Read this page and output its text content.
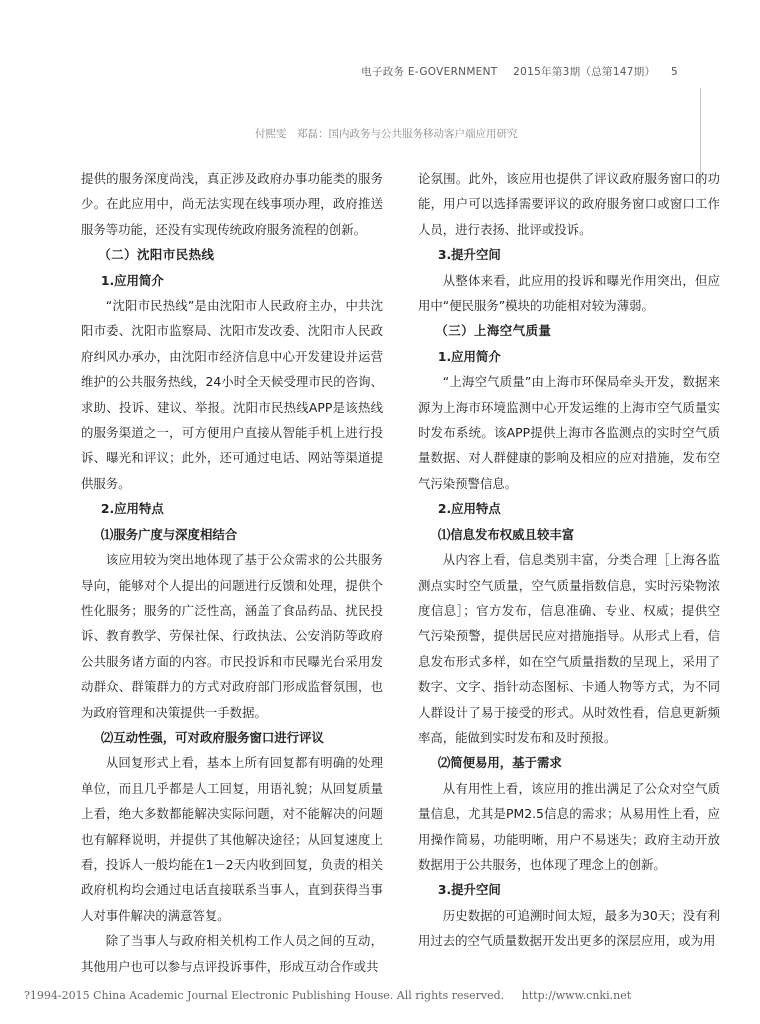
电子政务 E-GOVERNMENT 2015年第3期（总第147期） 5
付熙雯　郑磊：国内政务与公共服务移动客户端应用研究

提供的服务深度尚浅，真正涉及政府办事功能类的服务少。在此应用中，尚无法实现在线事项办理，政府推送服务等功能，还没有实现传统政府服务流程的创新。

（二）沈阳市民热线
1.应用简介

“沈阳市民热线”是由沈阳市人民政府主办，中共沈阳市委、沈阳市监察局、沈阳市发改委、沈阳市人民政府纠风办承办，由沈阳市经济信息中心开发建设并运营维护的公共服务热线，24小时全天候受理市民的咨询、求助、投诉、建议、举报。沈阳市民热线APP是该热线的服务渠道之一，可方便用户直接从智能手机上进行投诉、曝光和评议；此外，还可通过电话、网站等渠道提供服务。

2.应用特点
⑴服务广度与深度相结合

该应用较为突出地体现了基于公众需求的公共服务导向，能够对个人提出的问题进行反馈和处理，提供个性化服务；服务的广泛性高，涵盖了食品药品、扰民投诉、教育教学、劳保社保、行政执法、公安消防等政府公共服务诸方面的内容。市民投诉和市民曝光台采用发动群众、群策群力的方式对政府部门形成监督氛围，也为政府管理和决策提供一手数据。

⑵互动性强，可对政府服务窗口进行评议

从回复形式上看，基本上所有回复都有明确的处理单位，而且几乎都是人工回复，用语礼貌；从回复质量上看，绝大多数都能解决实际问题，对不能解决的问题也有解释说明，并提供了其他解决途径；从回复速度上看，投诉人一般均能在1－2天内收到回复，负责的相关政府机构均会通过电话直接联系当事人，直到获得当事人对事件解决的满意答复。

除了当事人与政府相关机构工作人员之间的互动，其他用户也可以参与点评投诉事件，形成互动合作或共

论氛围。此外，该应用也提供了评议政府服务窗口的功能，用户可以选择需要评议的政府服务窗口或窗口工作人员，进行表扬、批评或投诉。

3.提升空间

从整体来看，此应用的投诉和曝光作用突出，但应用中“便民服务”模块的功能相对较为薄弱。

（三）上海空气质量
1.应用简介

“上海空气质量”由上海市环保局牵头开发，数据来源为上海市环境监测中心开发运维的上海市空气质量实时发布系统。该APP提供上海市各监测点的实时空气质量数据、对人群健康的影响及相应的应对措施，发布空气污染预警信息。

2.应用特点
⑴信息发布权威且较丰富

从内容上看，信息类别丰富，分类合理［上海各监测点实时空气质量，空气质量指数信息，实时污染物浓度信息］；官方发布，信息准确、专业、权威；提供空气污染预警，提供居民应对措施指导。从形式上看，信息发布形式多样，如在空气质量指数的呈现上，采用了数字、文字、指针动态图标、卡通人物等方式，为不同人群设计了易于接受的形式。从时效性看，信息更新频率高，能做到实时发布和及时预报。

⑵简便易用，基于需求

从有用性上看，该应用的推出满足了公众对空气质量信息，尤其是PM2.5信息的需求；从易用性上看，应用操作简易，功能明晰，用户不易迷失；政府主动开放数据用于公共服务，也体现了理念上的创新。

3.提升空间

历史数据的可追溯时间太短，最多为30天；没有利用过去的空气质量数据开发出更多的深层应用，或为用

?1994-2015 China Academic Journal Electronic Publishing House. All rights reserved. http://www.cnki.net
